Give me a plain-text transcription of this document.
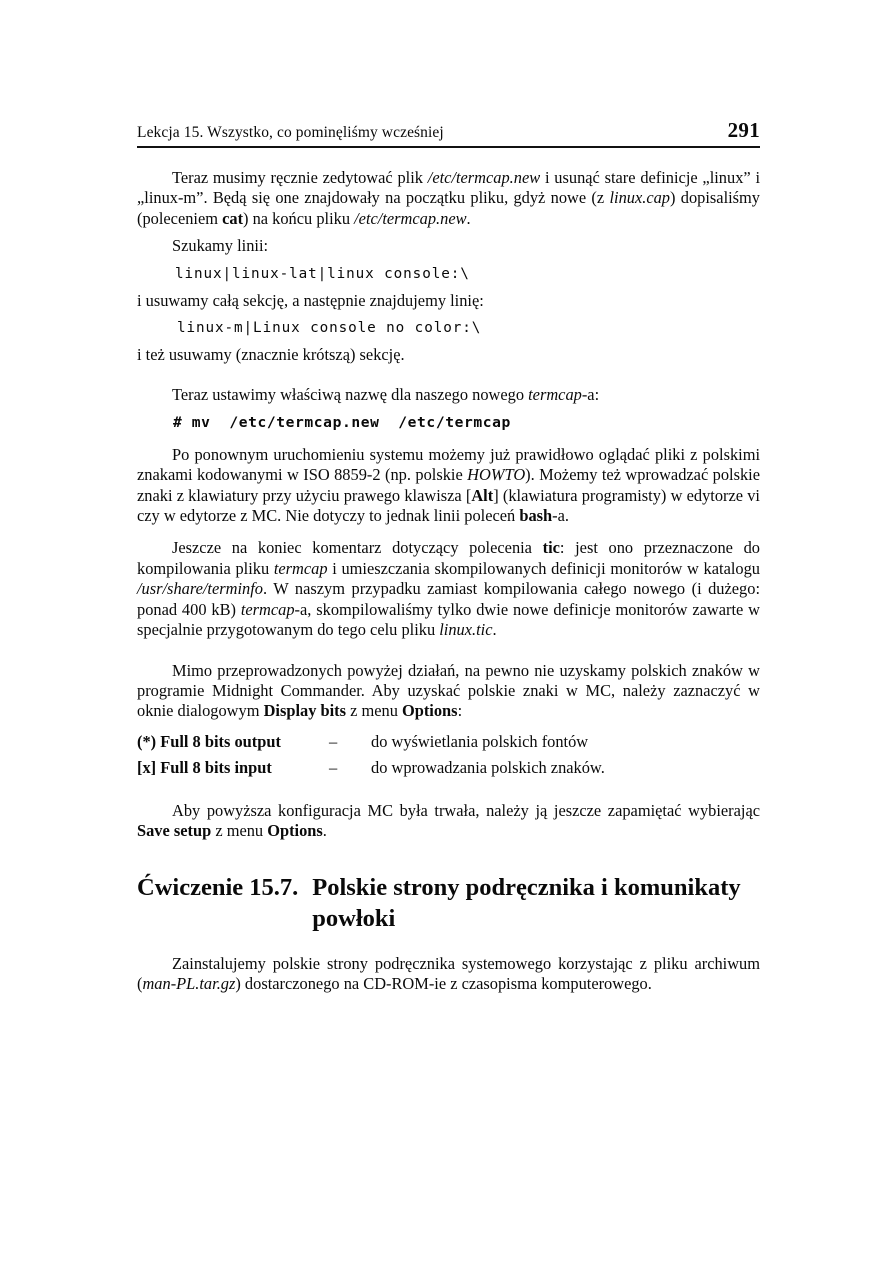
Lekcja 15. Wszystko, co pominęliśmy wcześniej	291

Teraz musimy ręcznie zedytować plik /etc/termcap.new i usunąć stare definicje „linux” i „linux-m”. Będą się one znajdowały na początku pliku, gdyż nowe (z linux.cap) dopisaliśmy (poleceniem cat) na końcu pliku /etc/termcap.new.

Szukamy linii:

linux|linux-lat|linux console:\

i usuwamy całą sekcję, a następnie znajdujemy linię:

linux-m|Linux console no color:\

i też usuwamy (znacznie krótszą) sekcję.

Teraz ustawimy właściwą nazwę dla naszego nowego termcap-a:

# mv  /etc/termcap.new  /etc/termcap

Po ponownym uruchomieniu systemu możemy już prawidłowo oglądać pliki z polskimi znakami kodowanymi w ISO 8859-2 (np. polskie HOWTO). Możemy też wprowadzać polskie znaki z klawiatury przy użyciu prawego klawisza [Alt] (klawiatura programisty) w edytorze vi czy w edytorze z MC. Nie dotyczy to jednak linii poleceń bash-a.

Jeszcze na koniec komentarz dotyczący polecenia tic: jest ono przeznaczone do kompilowania pliku termcap i umieszczania skompilowanych definicji monitorów w katalogu /usr/share/terminfo. W naszym przypadku zamiast kompilowania całego nowego (i dużego: ponad 400 kB) termcap-a, skompilowaliśmy tylko dwie nowe definicje monitorów zawarte w specjalnie przygotowanym do tego celu pliku linux.tic.

Mimo przeprowadzonych powyżej działań, na pewno nie uzyskamy polskich znaków w programie Midnight Commander. Aby uzyskać polskie znaki w MC, należy zaznaczyć w oknie dialogowym Display bits z menu Options:

(*) Full 8 bits output	–	do wyświetlania polskich fontów
[x] Full 8 bits input	–	do wprowadzania polskich znaków.

Aby powyższa konfiguracja MC była trwała, należy ją jeszcze zapamiętać wybierając Save setup z menu Options.

Ćwiczenie 15.7. Polskie strony podręcznika i komunikaty powłoki

Zainstalujemy polskie strony podręcznika systemowego korzystając z pliku archiwum (man-PL.tar.gz) dostarczonego na CD-ROM-ie z czasopisma komputerowego.
